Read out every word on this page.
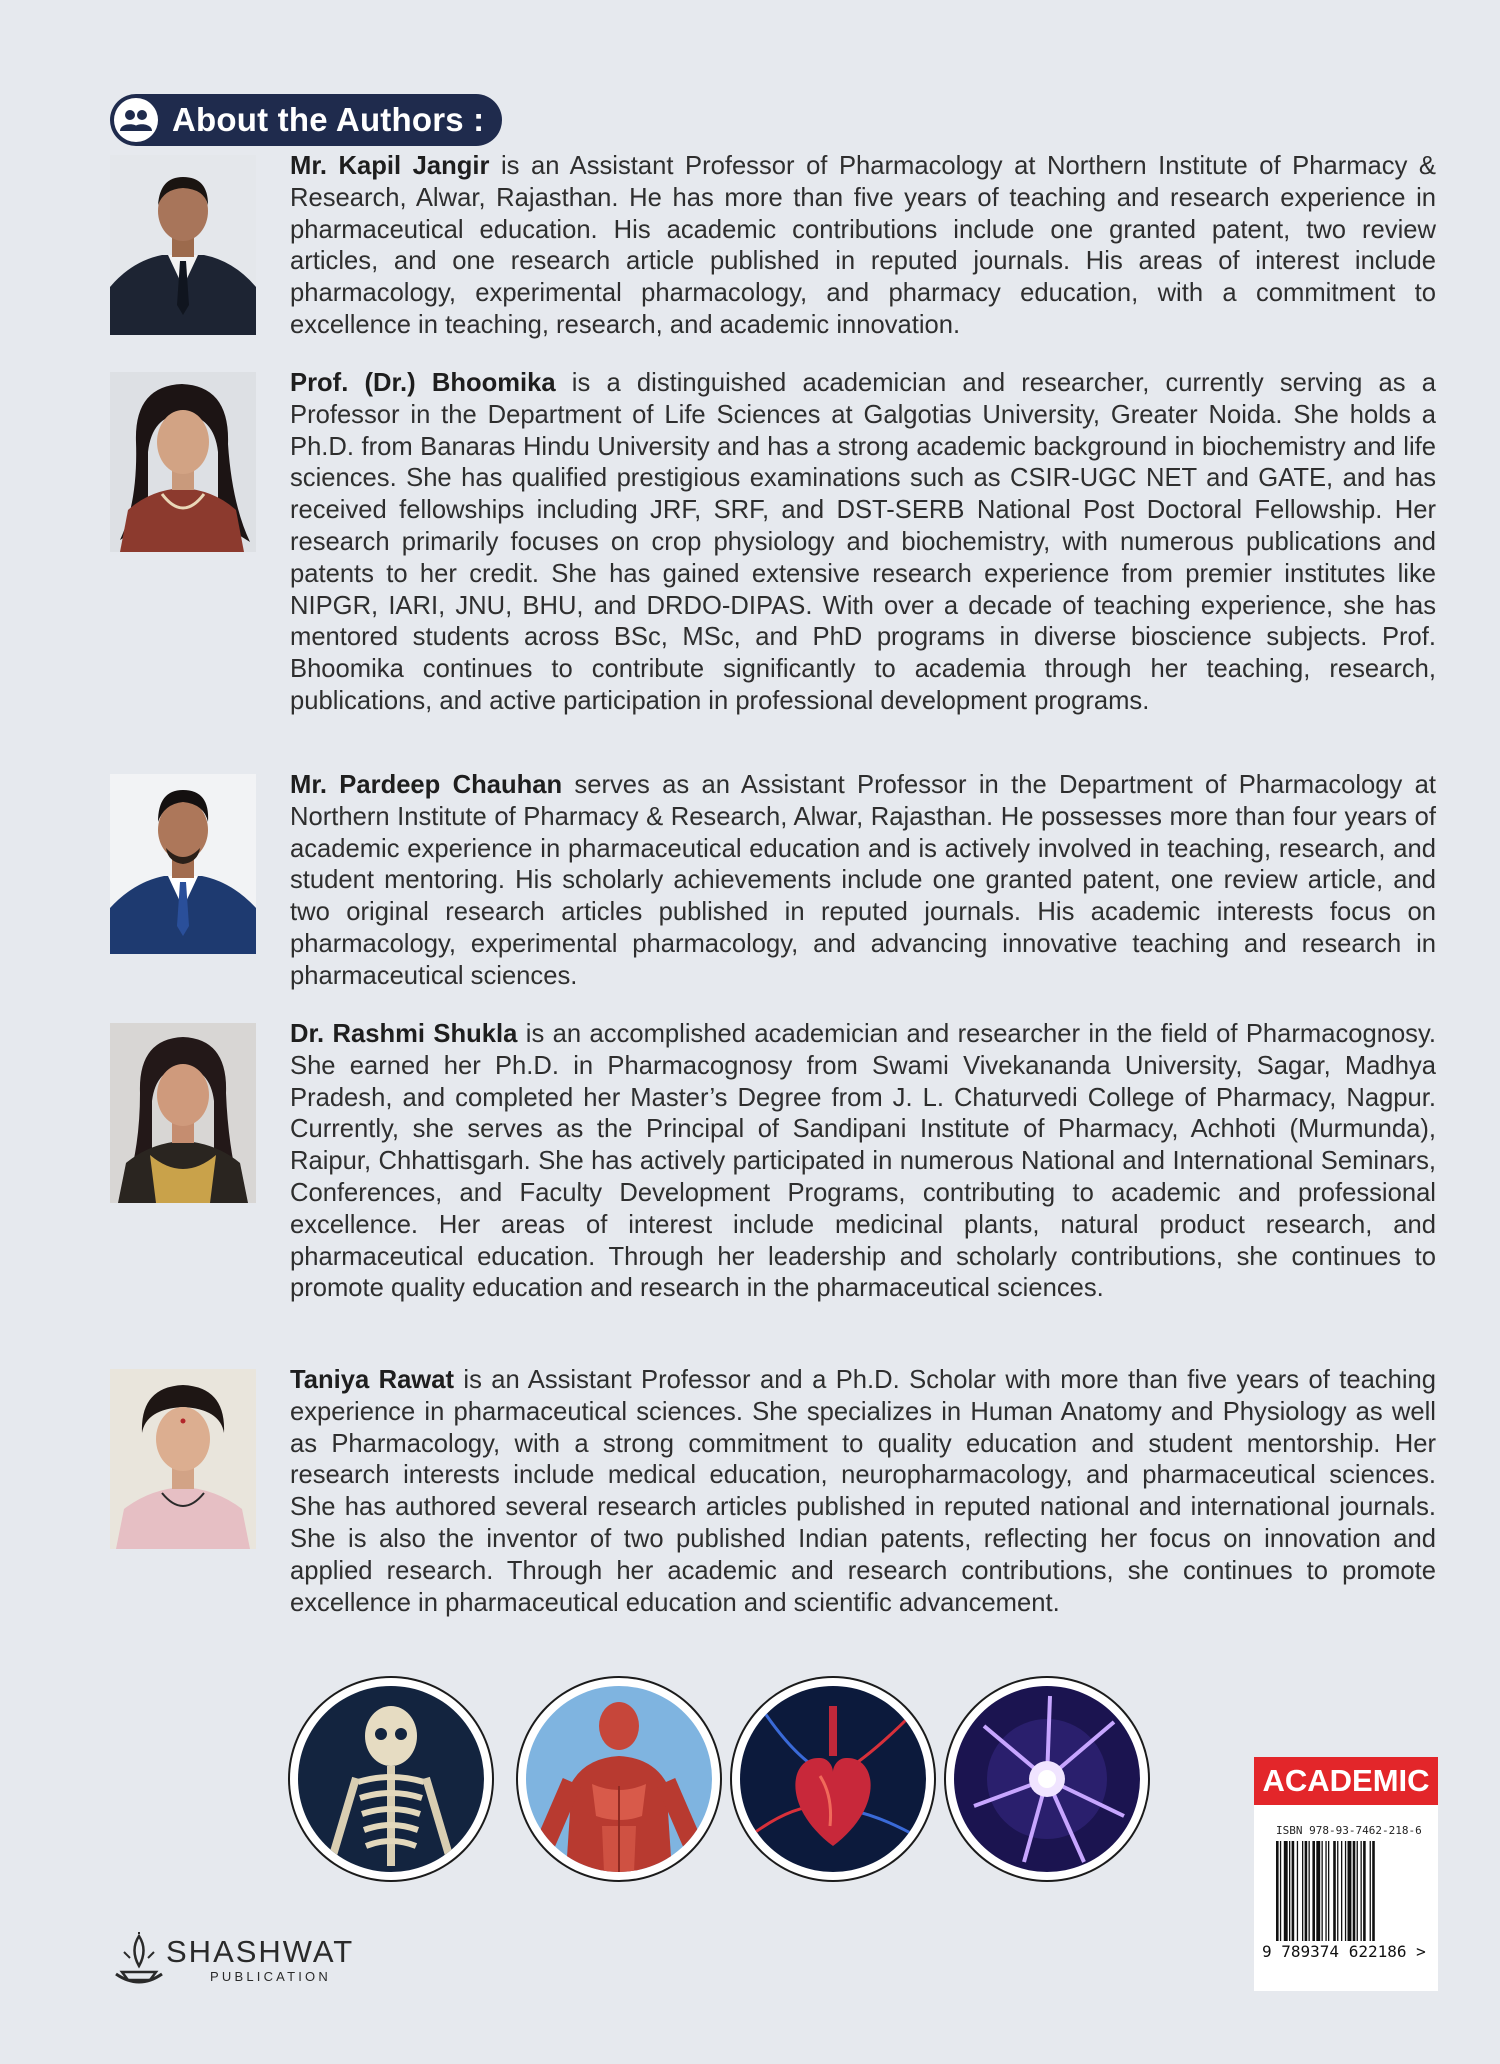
About the Authors :
Mr. Kapil Jangir is an Assistant Professor of Pharmacology at Northern Institute of Pharmacy & Research, Alwar, Rajasthan. He has more than five years of teaching and research experience in pharmaceutical education. His academic contributions include one granted patent, two review articles, and one research article published in reputed journals. His areas of interest include pharmacology, experimental pharmacology, and pharmacy education, with a commitment to excellence in teaching, research, and academic innovation.
Prof. (Dr.) Bhoomika is a distinguished academician and researcher, currently serving as a Professor in the Department of Life Sciences at Galgotias University, Greater Noida. She holds a Ph.D. from Banaras Hindu University and has a strong academic background in biochemistry and life sciences. She has qualified prestigious examinations such as CSIR-UGC NET and GATE, and has received fellowships including JRF, SRF, and DST-SERB National Post Doctoral Fellowship. Her research primarily focuses on crop physiology and biochemistry, with numerous publications and patents to her credit. She has gained extensive research experience from premier institutes like NIPGR, IARI, JNU, BHU, and DRDO-DIPAS. With over a decade of teaching experience, she has mentored students across BSc, MSc, and PhD programs in diverse bioscience subjects. Prof. Bhoomika continues to contribute significantly to academia through her teaching, research, publications, and active participation in professional development programs.
Mr. Pardeep Chauhan serves as an Assistant Professor in the Department of Pharmacology at Northern Institute of Pharmacy & Research, Alwar, Rajasthan. He possesses more than four years of academic experience in pharmaceutical education and is actively involved in teaching, research, and student mentoring. His scholarly achievements include one granted patent, one review article, and two original research articles published in reputed journals. His academic interests focus on pharmacology, experimental pharmacology, and advancing innovative teaching and research in pharmaceutical sciences.
Dr. Rashmi Shukla is an accomplished academician and researcher in the field of Pharmacognosy. She earned her Ph.D. in Pharmacognosy from Swami Vivekananda University, Sagar, Madhya Pradesh, and completed her Master’s Degree from J. L. Chaturvedi College of Pharmacy, Nagpur. Currently, she serves as the Principal of Sandipani Institute of Pharmacy, Achhoti (Murmunda), Raipur, Chhattisgarh. She has actively participated in numerous National and International Seminars, Conferences, and Faculty Development Programs, contributing to academic and professional excellence. Her areas of interest include medicinal plants, natural product research, and pharmaceutical education. Through her leadership and scholarly contributions, she continues to promote quality education and research in the pharmaceutical sciences.
Taniya Rawat is an Assistant Professor and a Ph.D. Scholar with more than five years of teaching experience in pharmaceutical sciences. She specializes in Human Anatomy and Physiology as well as Pharmacology, with a strong commitment to quality education and student mentorship. Her research interests include medical education, neuropharmacology, and pharmaceutical sciences. She has authored several research articles published in reputed national and international journals. She is also the inventor of two published Indian patents, reflecting her focus on innovation and applied research. Through her academic and research contributions, she continues to promote excellence in pharmaceutical education and scientific advancement.
SHASHWAT
PUBLICATION
ACADEMIC
ISBN 978-93-7462-218-6
9 789374 622186 >
